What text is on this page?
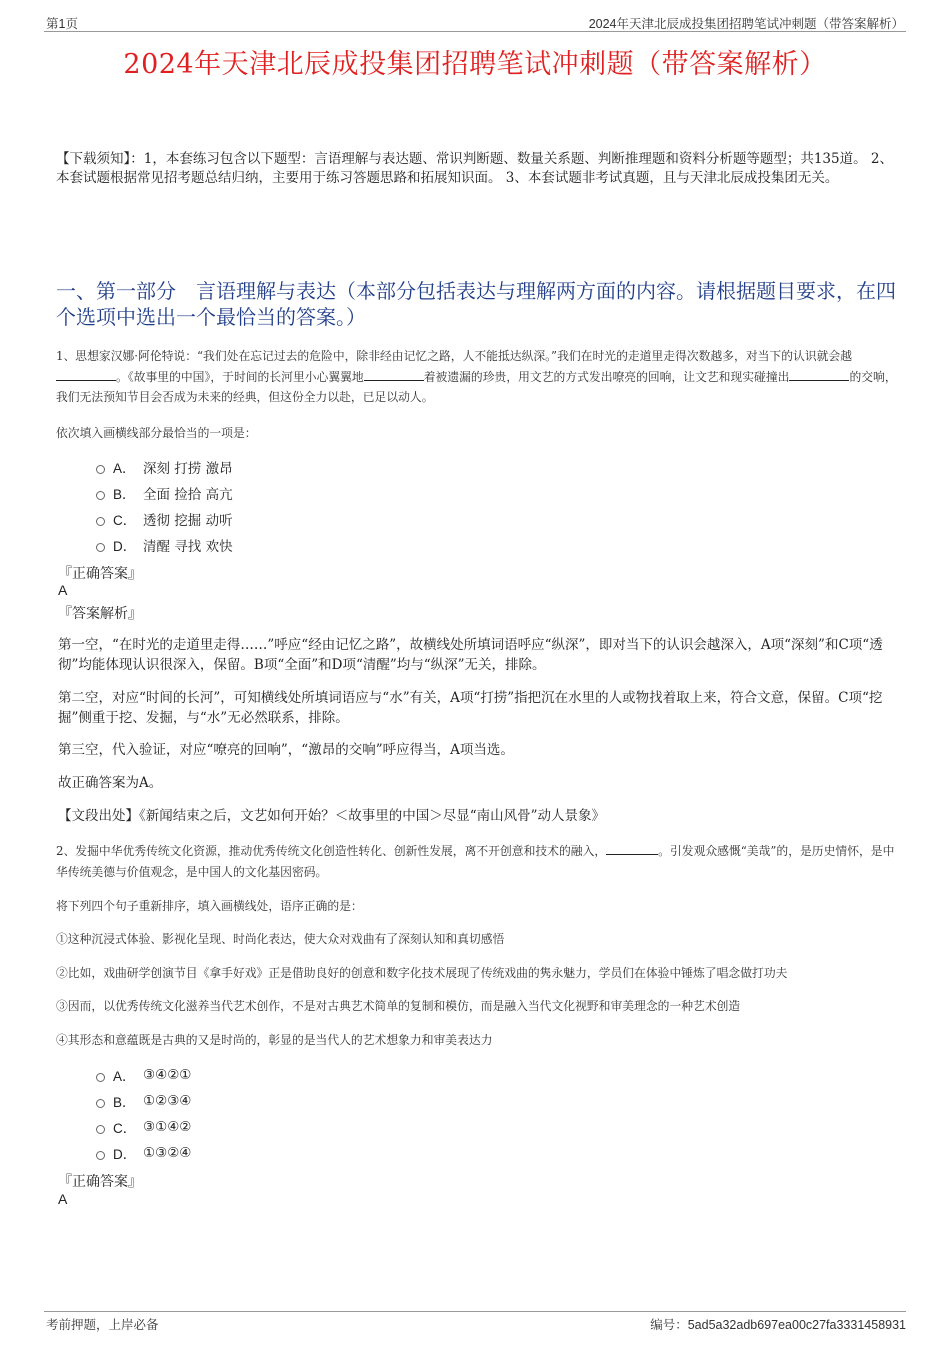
第1页	2024年天津北辰成投集团招聘笔试冲刺题（带答案解析）
2024年天津北辰成投集团招聘笔试冲刺题（带答案解析）
【下载须知】：1，本套练习包含以下题型：言语理解与表达题、常识判断题、数量关系题、判断推理题和资料分析题等题型；共135道。 2、本套试题根据常见招考题总结归纳，主要用于练习答题思路和拓展知识面。 3、本套试题非考试真题，且与天津北辰成投集团无关。
一、第一部分　言语理解与表达（本部分包括表达与理解两方面的内容。请根据题目要求，在四个选项中选出一个最恰当的答案。）
1、思想家汉娜·阿伦特说：“我们处在忘记过去的危险中，除非经由记忆之路，人不能抵达纵深。”我们在时光的走道里走得次数越多，对当下的认识就会越。《故事里的中国》，于时间的长河里小心翼翼地	着被遗漏的珍贵，用文艺的方式发出嘹亮的回响，让文艺和现实碰撞出	的交响，我们无法预知节目会否成为未来的经典，但这份全力以赴，已足以动人。
依次填入画横线部分最恰当的一项是：
A． 深刻 打捞 激昂
B． 全面 捡拾 高亢
C． 透彻 挖掘 动听
D． 清醒 寻找 欢快
『正确答案』
A
『答案解析』
第一空，“在时光的走道里走得……”呼应“经由记忆之路”，故横线处所填词语呼应“纵深”，即对当下的认识会越深入，A项“深刻”和C项“透彻”均能体现认识很深入，保留。B项“全面”和D项“清醒”均与“纵深”无关，排除。
第二空，对应“时间的长河”，可知横线处所填词语应与“水”有关，A项“打捞”指把沉在水里的人或物找着取上来，符合文意，保留。C项“挖掘”侧重于挖、发掘，与“水”无必然联系，排除。
第三空，代入验证，对应“嘹亮的回响”，“激昂的交响”呼应得当，A项当选。
故正确答案为A。
【文段出处】《新闻结束之后，文艺如何开始？＜故事里的中国＞尽显“南山风骨”动人景象》
2、发掘中华优秀传统文化资源，推动优秀传统文化创造性转化、创新性发展，离不开创意和技术的融入，	。引发观众感慨“美哉”的，是历史情怀，是中华传统美德与价值观念，是中国人的文化基因密码。
将下列四个句子重新排序，填入画横线处，语序正确的是：
①这种沉浸式体验、影视化呈现、时尚化表达，使大众对戏曲有了深刻认知和真切感悟
②比如，戏曲研学创演节目《拿手好戏》正是借助良好的创意和数字化技术展现了传统戏曲的隽永魅力，学员们在体验中锤炼了唱念做打功夫
③因而，以优秀传统文化滋养当代艺术创作，不是对古典艺术简单的复制和模仿，而是融入当代文化视野和审美理念的一种艺术创造
④其形态和意蕴既是古典的又是时尚的，彰显的是当代人的艺术想象力和审美表达力
A． ③④②①
B． ①②③④
C． ③①④②
D． ①③②④
『正确答案』
A
考前押题，上岸必备	编号：5ad5a32adb697ea00c27fa3331458931
